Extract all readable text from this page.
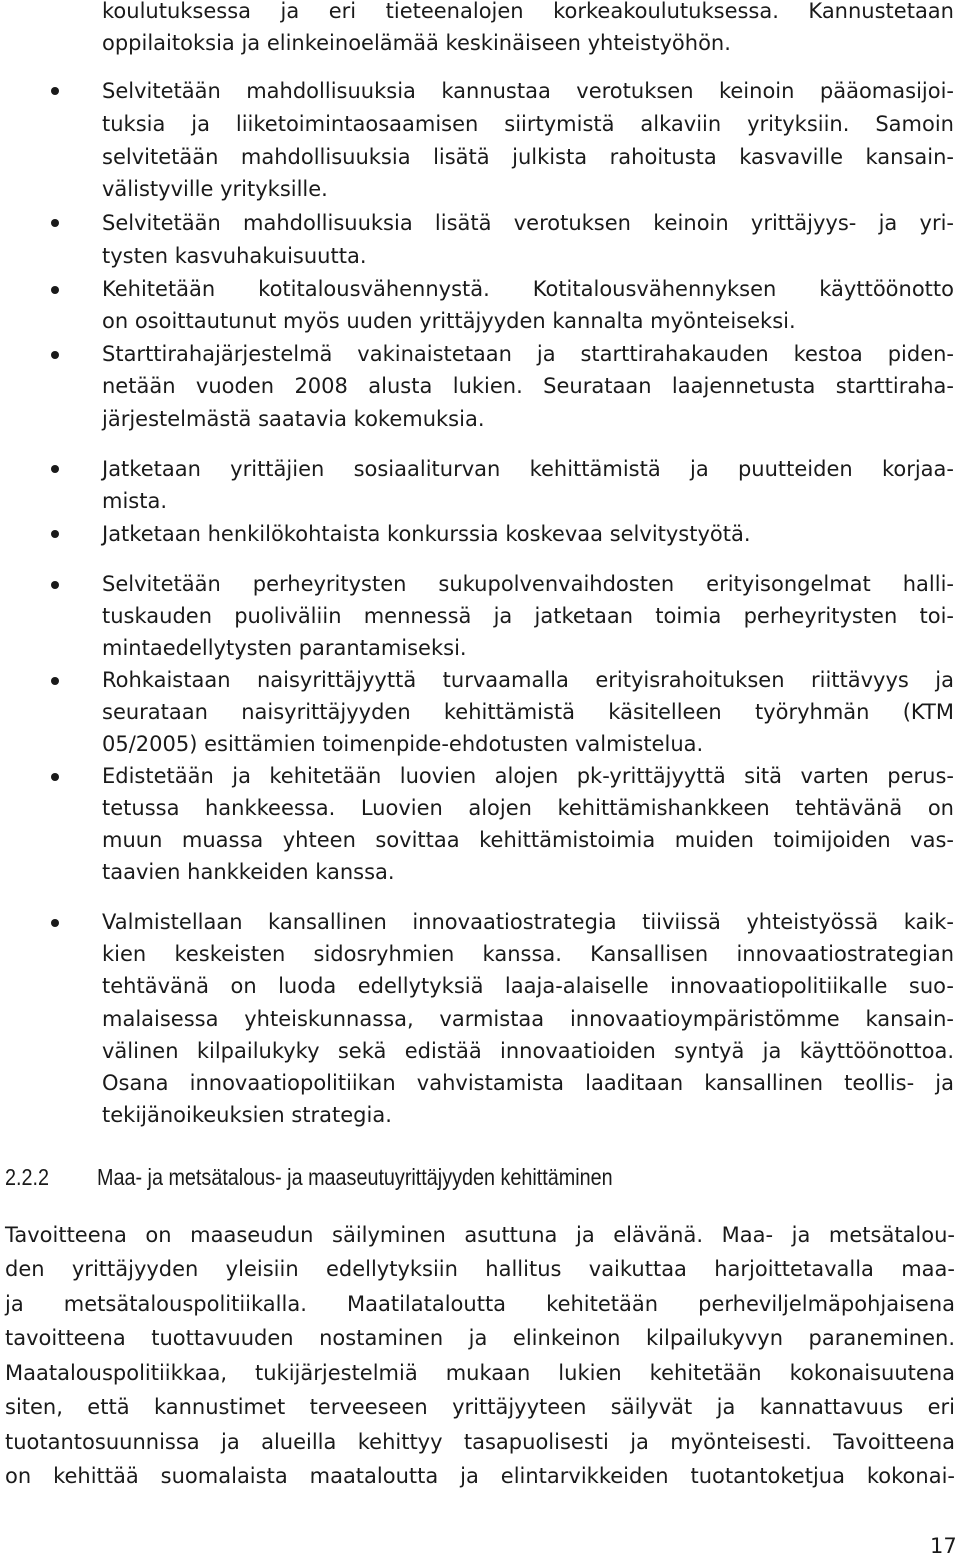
koulutuksessa ja eri tieteenalojen korkeakoulutuksessa. Kannustetaan
oppilaitoksia ja elinkeinoelämää keskinäiseen yhteistyöhön.
Selvitetään mahdollisuuksia kannustaa verotuksen keinoin pääomasijoi-
tuksia ja liiketoimintaosaamisen siirtymistä alkaviin yrityksiin. Samoin
selvitetään mahdollisuuksia lisätä julkista rahoitusta kasvaville kansain-
välistyville yrityksille.
Selvitetään mahdollisuuksia lisätä verotuksen keinoin yrittäjyys- ja yri-
tysten kasvuhakuisuutta.
Kehitetään kotitalousvähennystä. Kotitalousvähennyksen käyttöönotto
on osoittautunut myös uuden yrittäjyyden kannalta myönteiseksi.
Starttirahajärjestelmä vakinaistetaan ja starttirahakauden kestoa piden-
netään vuoden 2008 alusta lukien. Seurataan laajennetusta starttiraha-
järjestelmästä saatavia kokemuksia.
Jatketaan yrittäjien sosiaaliturvan kehittämistä ja puutteiden korjaa-
mista.
Jatketaan henkilökohtaista konkurssia koskevaa selvitystyötä.
Selvitetään perheyritysten sukupolvenvaihdosten erityisongelmat halli-
tuskauden puoliväliin mennessä ja jatketaan toimia perheyritysten toi-
mintaedellytysten parantamiseksi.
Rohkaistaan naisyrittäjyyttä turvaamalla erityisrahoituksen riittävyys ja
seurataan naisyrittäjyyden kehittämistä käsitelleen työryhmän (KTM
05/2005) esittämien toimenpide-ehdotusten valmistelua.
Edistetään ja kehitetään luovien alojen pk-yrittäjyyttä sitä varten perus-
tetussa hankkeessa. Luovien alojen kehittämishankkeen tehtävänä on
muun muassa yhteen sovittaa kehittämistoimia muiden toimijoiden vas-
taavien hankkeiden kanssa.
Valmistellaan kansallinen innovaatiostrategia tiiviissä yhteistyössä kaik-
kien keskeisten sidosryhmien kanssa. Kansallisen innovaatiostrategian
tehtävänä on luoda edellytyksiä laaja-alaiselle innovaatiopolitiikalle suo-
malaisessa yhteiskunnassa, varmistaa innovaatioympäristömme kansain-
välinen kilpailukyky sekä edistää innovaatioiden syntyä ja käyttöönottoa.
Osana innovaatiopolitiikan vahvistamista laaditaan kansallinen teollis- ja
tekijänoikeuksien strategia.
2.2.2 Maa- ja metsätalous- ja maaseutuyrittäjyyden kehittäminen
Tavoitteena on maaseudun säilyminen asuttuna ja elävänä. Maa- ja metsätalou-
den yrittäjyyden yleisiin edellytyksiin hallitus vaikuttaa harjoittetavalla maa-
ja metsätalouspolitiikalla. Maatilataloutta kehitetään perheviljelmäpohjaisena
tavoitteena tuottavuuden nostaminen ja elinkeinon kilpailukyvyn paraneminen.
Maatalouspolitiikkaa, tukijärjestelmiä mukaan lukien kehitetään kokonaisuutena
siten, että kannustimet terveeseen yrittäjyyteen säilyvät ja kannattavuus eri
tuotantosuunnissa ja alueilla kehittyy tasapuolisesti ja myönteisesti. Tavoitteena
on kehittää suomalaista maataloutta ja elintarvikkeiden tuotantoketjua kokonai-
17
